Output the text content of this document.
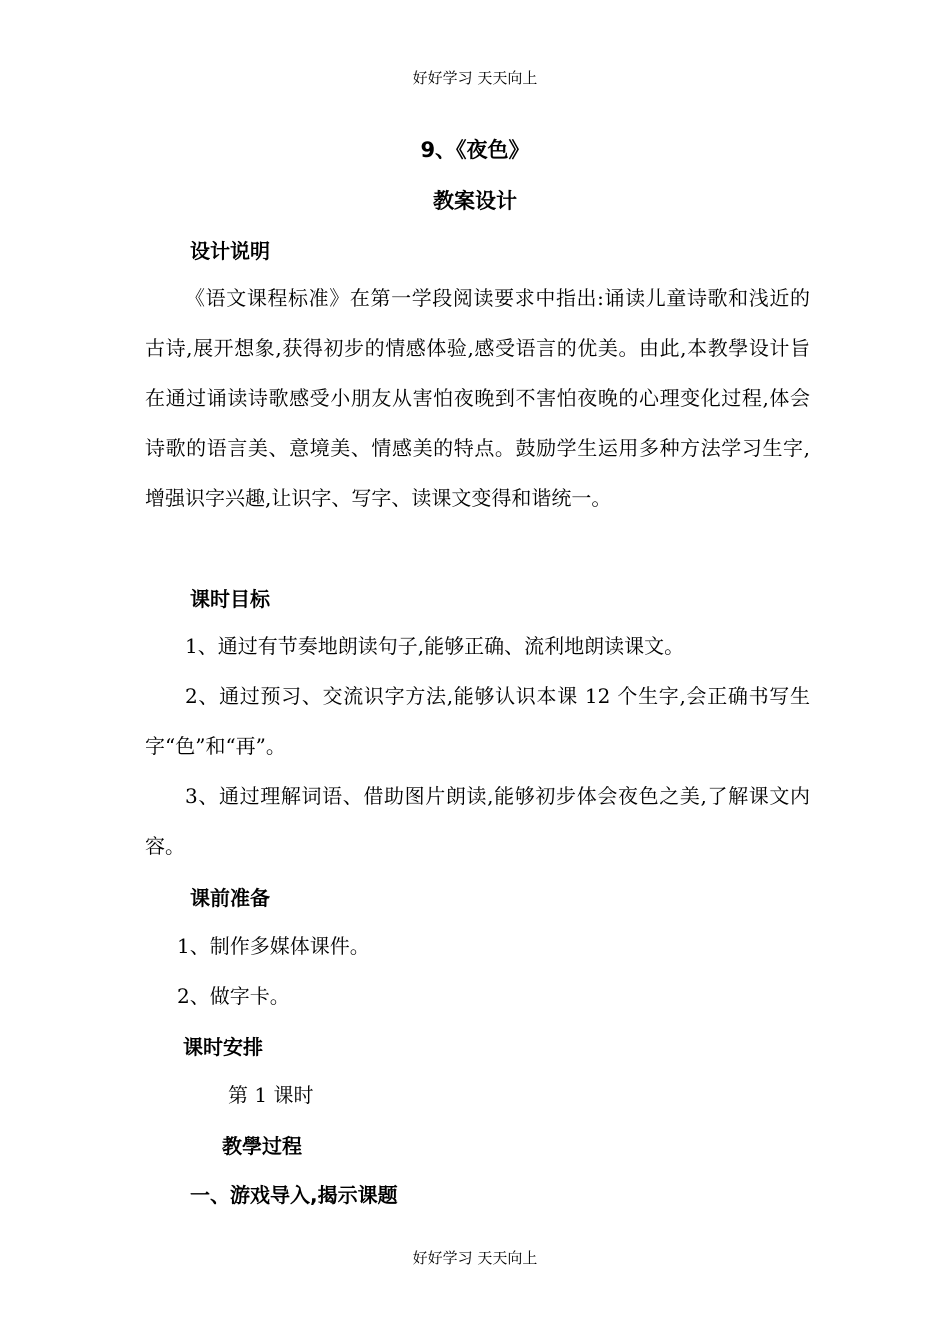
好好学习 天天向上
9、《夜色》
教案设计
设计说明
《语文课程标准》在第一学段阅读要求中指出:诵读儿童诗歌和浅近的古诗,展开想象,获得初步的情感体验,感受语言的优美。由此,本教學设计旨在通过诵读诗歌感受小朋友从害怕夜晚到不害怕夜晚的心理变化过程,体会诗歌的语言美、意境美、情感美的特点。鼓励学生运用多种方法学习生字,增强识字兴趣,让识字、写字、读课文变得和谐统一。
课时目标
1、通过有节奏地朗读句子,能够正确、流利地朗读课文。
2、通过预习、交流识字方法,能够认识本课 12 个生字,会正确书写生字“色”和“再”。
3、通过理解词语、借助图片朗读,能够初步体会夜色之美,了解课文内容。
课前准备
1、制作多媒体课件。
2、做字卡。
课时安排
第 1 课时
教學过程
一、游戏导入,揭示课题
好好学习 天天向上
